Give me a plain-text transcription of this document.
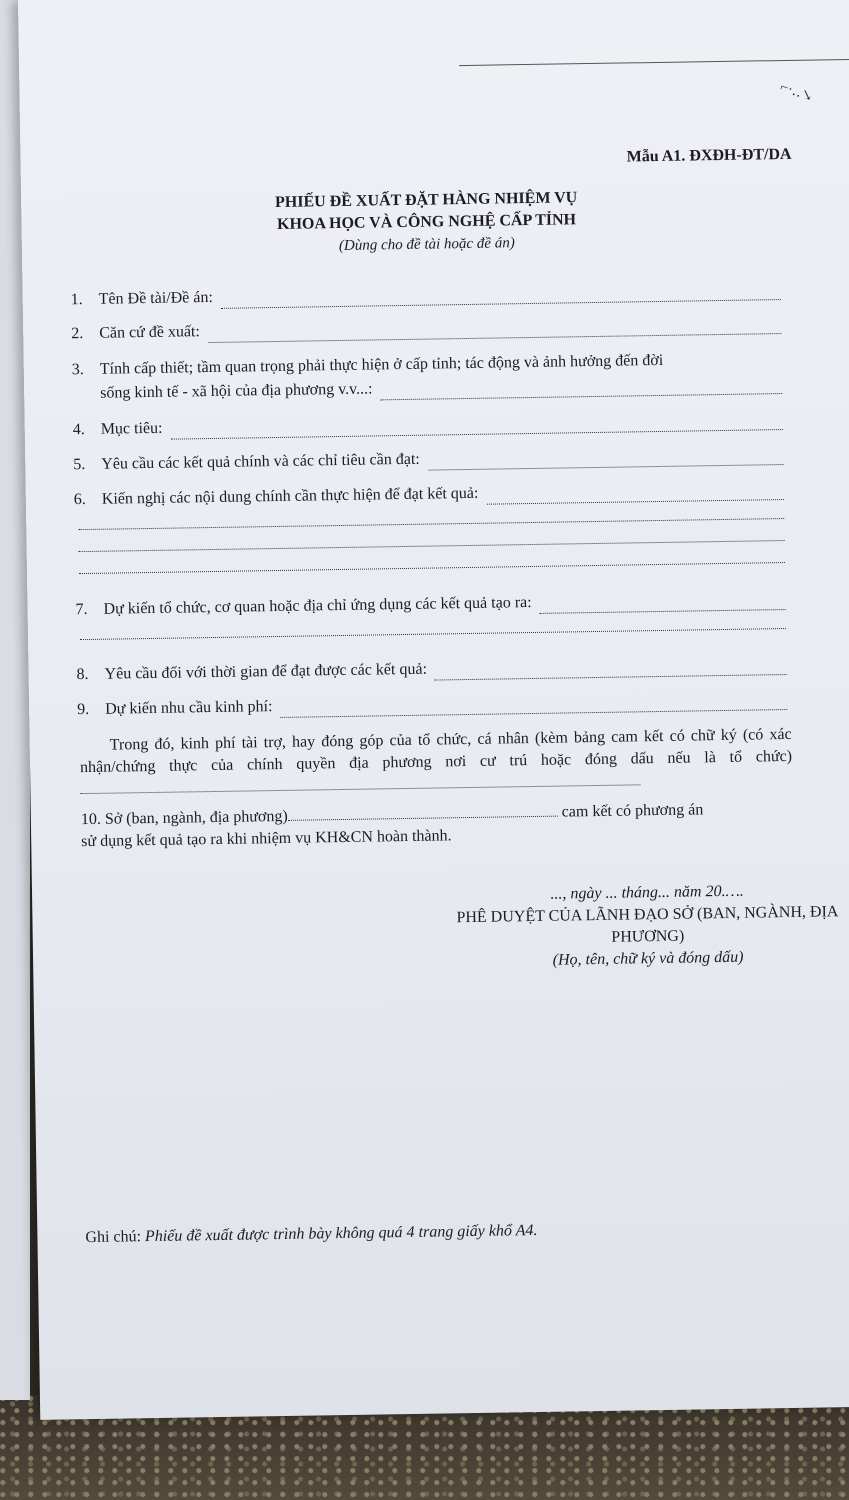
⌐·‥↘
Mẫu A1. ĐXĐH-ĐT/DA
PHIẾU ĐỀ XUẤT ĐẶT HÀNG NHIỆM VỤ
KHOA HỌC VÀ CÔNG NGHỆ CẤP TỈNH
(Dùng cho đề tài hoặc đề án)
1. Tên Đề tài/Đề án:
2. Căn cứ đề xuất:
3. Tính cấp thiết; tầm quan trọng phải thực hiện ở cấp tỉnh; tác động và ảnh hưởng đến đời
sống kinh tế - xã hội của địa phương v.v...:
4. Mục tiêu:
5. Yêu cầu các kết quả chính và các chỉ tiêu cần đạt:
6. Kiến nghị các nội dung chính cần thực hiện để đạt kết quả:
7. Dự kiến tổ chức, cơ quan hoặc địa chỉ ứng dụng các kết quả tạo ra:
8. Yêu cầu đối với thời gian để đạt được các kết quả:
9. Dự kiến nhu cầu kinh phí:
Trong đó, kinh phí tài trợ, hay đóng góp của tổ chức, cá nhân (kèm bảng cam kết có chữ ký (có xác nhận/chứng thực của chính quyền địa phương nơi cư trú hoặc đóng dấu nếu là tổ chức)
10. Sở (ban, ngành, địa phương)	cam kết có phương án
sử dụng kết quả tạo ra khi nhiệm vụ KH&CN hoàn thành.
..., ngày ... tháng... năm 20.….
PHÊ DUYỆT CỦA LÃNH ĐẠO SỞ (BAN, NGÀNH, ĐỊA PHƯƠNG)
(Họ, tên, chữ ký và đóng dấu)
Ghi chú: Phiếu đề xuất được trình bày không quá 4 trang giấy khổ A4.
